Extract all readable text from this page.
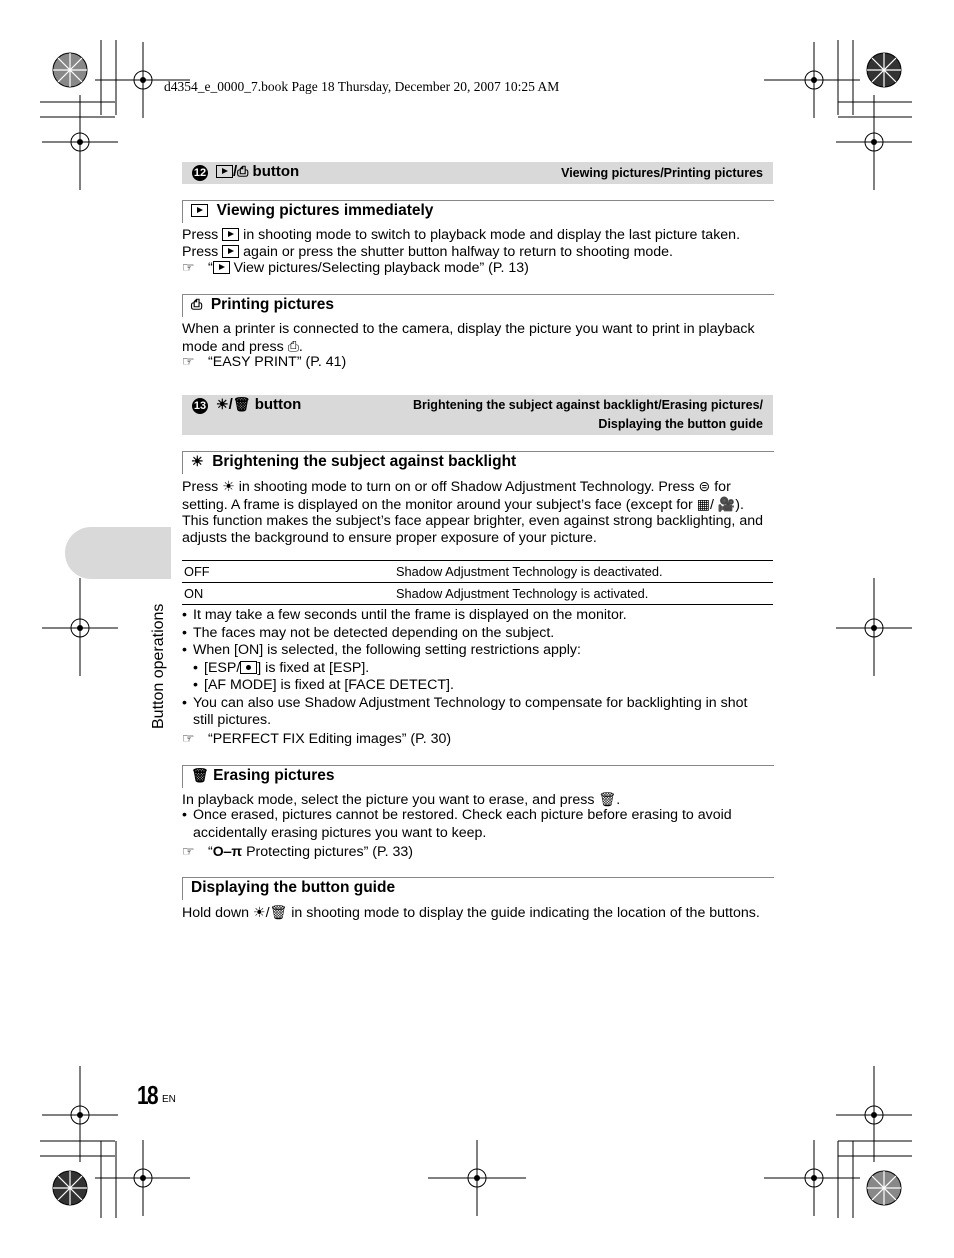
d4354_e_0000_7.book Page 18 Thursday, December 20, 2007 10:25 AM
12	/⎙ button	Viewing pictures/Printing pictures
Viewing pictures immediately
Press in shooting mode to switch to playback mode and display the last picture taken.
Press again or press the shutter button halfway to return to shooting mode.
☞ “ View pictures/Selecting playback mode” (P. 13)
⎙ Printing pictures
When a printer is connected to the camera, display the picture you want to print in playback
mode and press ⎙.
☞ “EASY PRINT” (P. 41)
13 ☀/🗑 button	Brightening the subject against backlight/Erasing pictures/
Displaying the button guide
☀ Brightening the subject against backlight
Press ☀ in shooting mode to turn on or off Shadow Adjustment Technology. Press ⊜ for
setting. A frame is displayed on the monitor around your subject’s face (except for ▦/ 🎥).
This function makes the subject’s face appear brighter, even against strong backlighting, and
adjusts the background to ensure proper exposure of your picture.
OFF	Shadow Adjustment Technology is deactivated.
ON	Shadow Adjustment Technology is activated.
• It may take a few seconds until the frame is displayed on the monitor.
• The faces may not be detected depending on the subject.
• When [ON] is selected, the following setting restrictions apply:
• [ESP/ ] is fixed at [ESP].
• [AF MODE] is fixed at [FACE DETECT].
• You can also use Shadow Adjustment Technology to compensate for backlighting in shot
still pictures.
☞ “PERFECT FIX Editing images” (P. 30)
🗑 Erasing pictures
In playback mode, select the picture you want to erase, and press 🗑.
• Once erased, pictures cannot be restored. Check each picture before erasing to avoid
accidentally erasing pictures you want to keep.
☞ “O‒π Protecting pictures” (P. 33)
Displaying the button guide
Hold down ☀/🗑 in shooting mode to display the guide indicating the location of the buttons.
Button operations
18 EN
